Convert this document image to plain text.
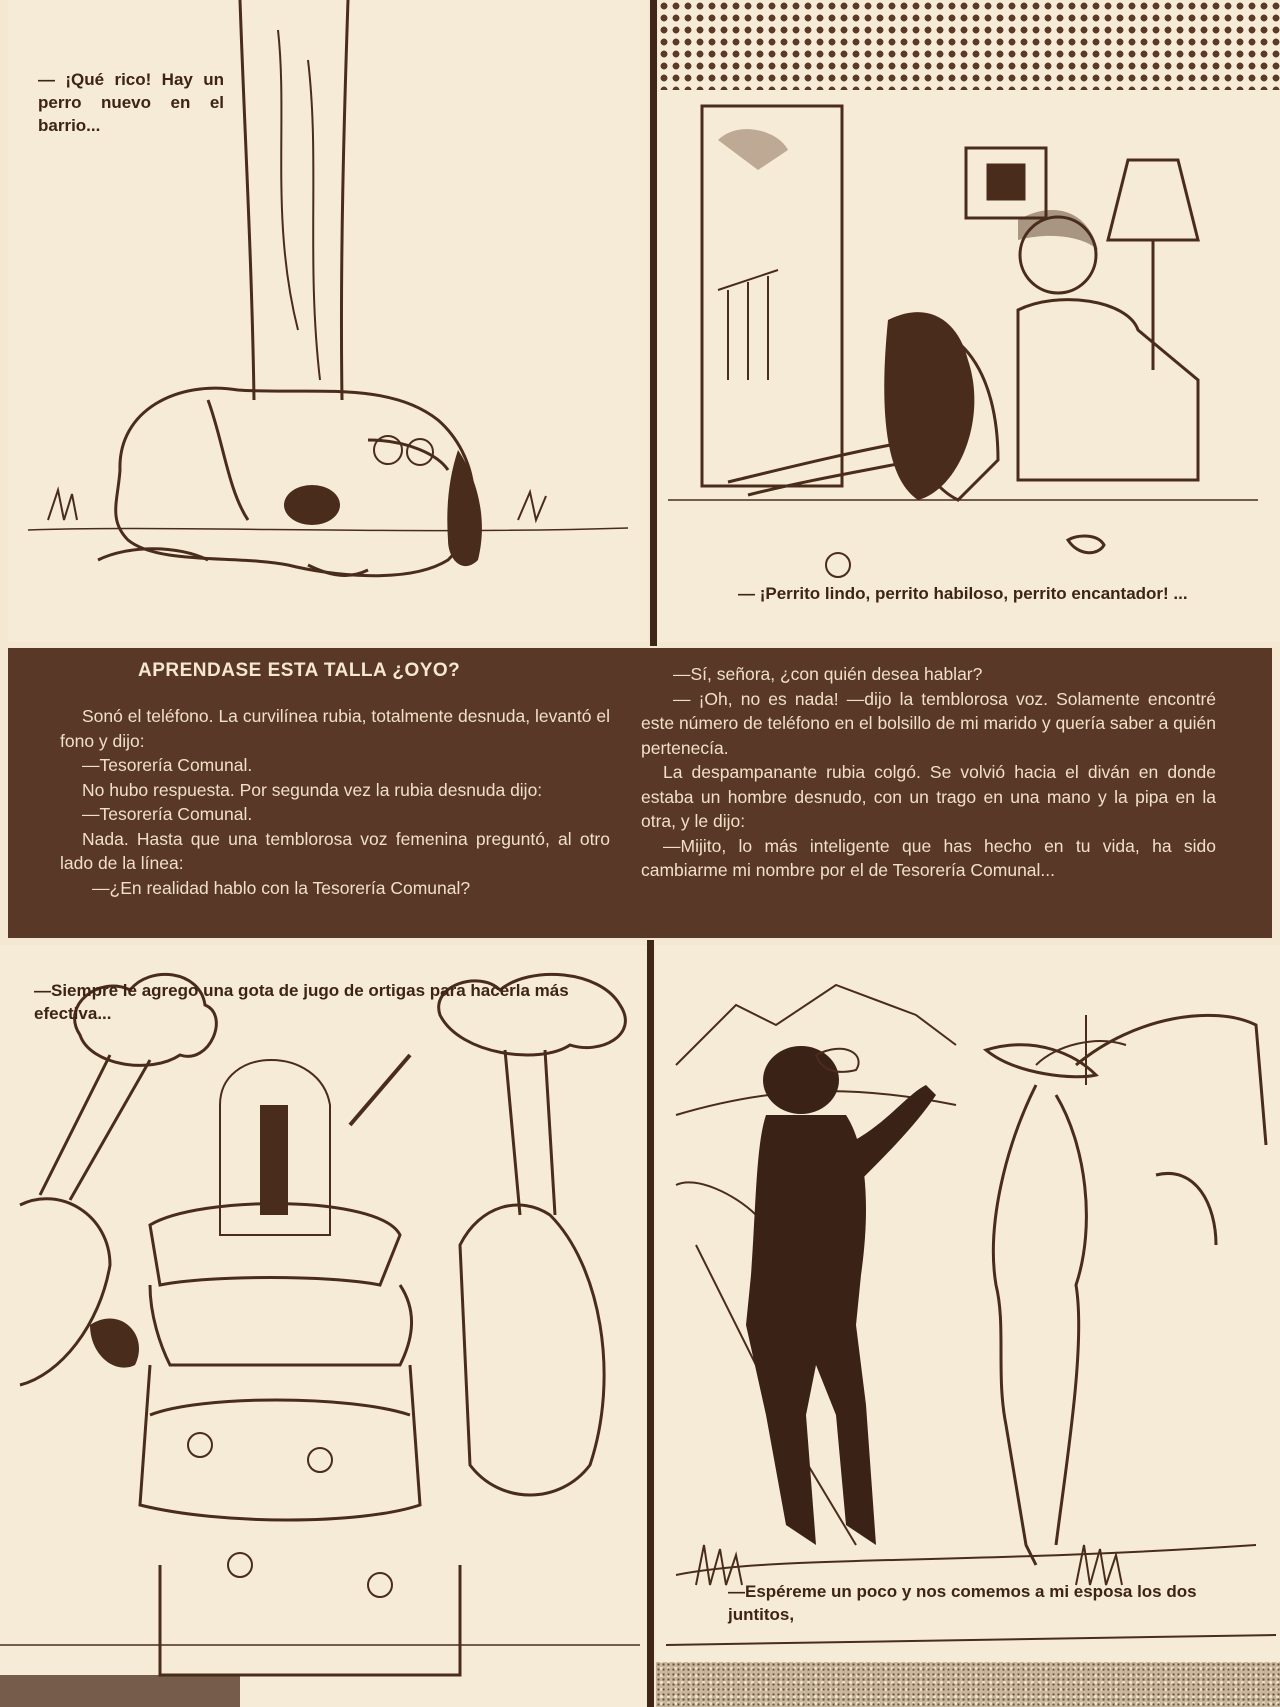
— ¡Qué rico! Hay un perro nuevo en el barrio...
— ¡Perrito lindo, perrito habiloso, perrito encantador! ...
APRENDASE ESTA TALLA ¿OYO?

Sonó el teléfono. La curvilínea rubia, totalmente desnuda, levantó el fono y dijo:

—Tesorería Comunal.

No hubo respuesta. Por segunda vez la rubia desnuda dijo:

—Tesorería Comunal.

Nada. Hasta que una temblorosa voz femenina preguntó, al otro lado de la línea:

—¿En realidad hablo con la Tesorería Comunal?

—Sí, señora, ¿con quién desea hablar?

— ¡Oh, no es nada! —dijo la temblorosa voz. Solamente encontré este número de teléfono en el bolsillo de mi marido y quería saber a quién pertenecía.

La despampanante rubia colgó. Se volvió hacia el diván en donde estaba un hombre desnudo, con un trago en una mano y la pipa en la otra, y le dijo:

—Mijito, lo más inteligente que has hecho en tu vida, ha sido cambiarme mi nombre por el de Tesorería Comunal...

—Siempre le agrego una gota de jugo de ortigas para hacerla más efectiva...
—Espéreme un poco y nos comemos a mi esposa los dos juntitos,
